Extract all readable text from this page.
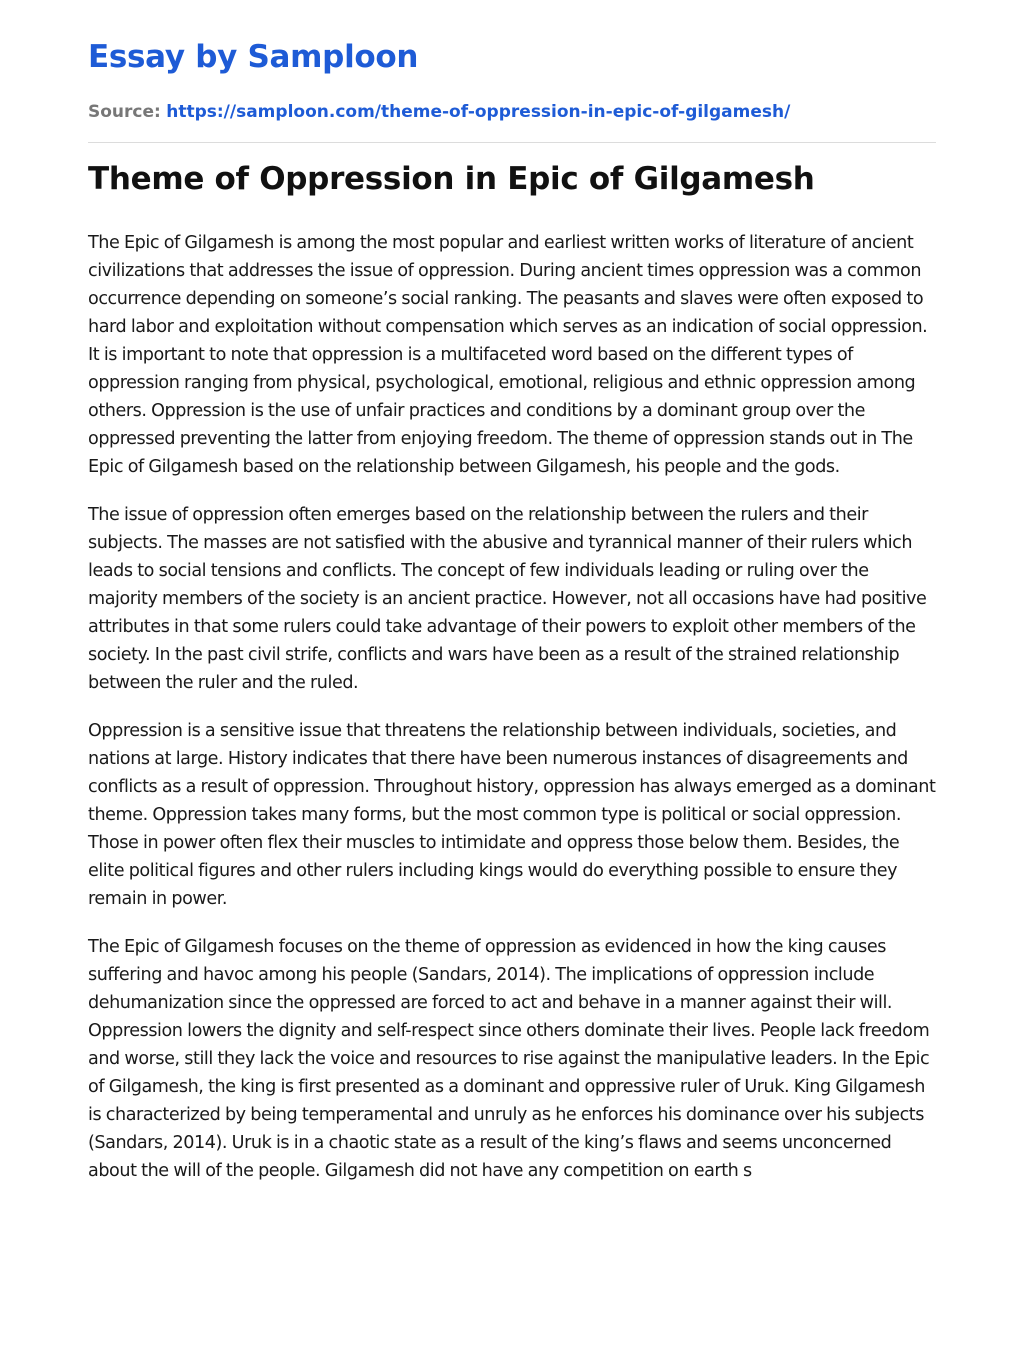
Essay by Samploon
Source: https://samploon.com/theme-of-oppression-in-epic-of-gilgamesh/
Theme of Oppression in Epic of Gilgamesh

The Epic of Gilgamesh is among the most popular and earliest written works of literature of ancient civilizations that addresses the issue of oppression. During ancient times oppression was a common occurrence depending on someone’s social ranking. The peasants and slaves were often exposed to hard labor and exploitation without compensation which serves as an indication of social oppression. It is important to note that oppression is a multifaceted word based on the different types of oppression ranging from physical, psychological, emotional, religious and ethnic oppression among others. Oppression is the use of unfair practices and conditions by a dominant group over the oppressed preventing the latter from enjoying freedom. The theme of oppression stands out in The Epic of Gilgamesh based on the relationship between Gilgamesh, his people and the gods.

The issue of oppression often emerges based on the relationship between the rulers and their subjects. The masses are not satisfied with the abusive and tyrannical manner of their rulers which leads to social tensions and conflicts. The concept of few individuals leading or ruling over the majority members of the society is an ancient practice. However, not all occasions have had positive attributes in that some rulers could take advantage of their powers to exploit other members of the society. In the past civil strife, conflicts and wars have been as a result of the strained relationship between the ruler and the ruled.

Oppression is a sensitive issue that threatens the relationship between individuals, societies, and nations at large. History indicates that there have been numerous instances of disagreements and conflicts as a result of oppression. Throughout history, oppression has always emerged as a dominant theme. Oppression takes many forms, but the most common type is political or social oppression. Those in power often flex their muscles to intimidate and oppress those below them. Besides, the elite political figures and other rulers including kings would do everything possible to ensure they remain in power.

The Epic of Gilgamesh focuses on the theme of oppression as evidenced in how the king causes suffering and havoc among his people (Sandars, 2014). The implications of oppression include dehumanization since the oppressed are forced to act and behave in a manner against their will. Oppression lowers the dignity and self-respect since others dominate their lives. People lack freedom and worse, still they lack the voice and resources to rise against the manipulative leaders. In the Epic of Gilgamesh, the king is first presented as a dominant and oppressive ruler of Uruk. King Gilgamesh is characterized by being temperamental and unruly as he enforces his dominance over his subjects (Sandars, 2014). Uruk is in a chaotic state as a result of the king’s flaws and seems unconcerned about the will of the people. Gilgamesh did not have any competition on earth s
